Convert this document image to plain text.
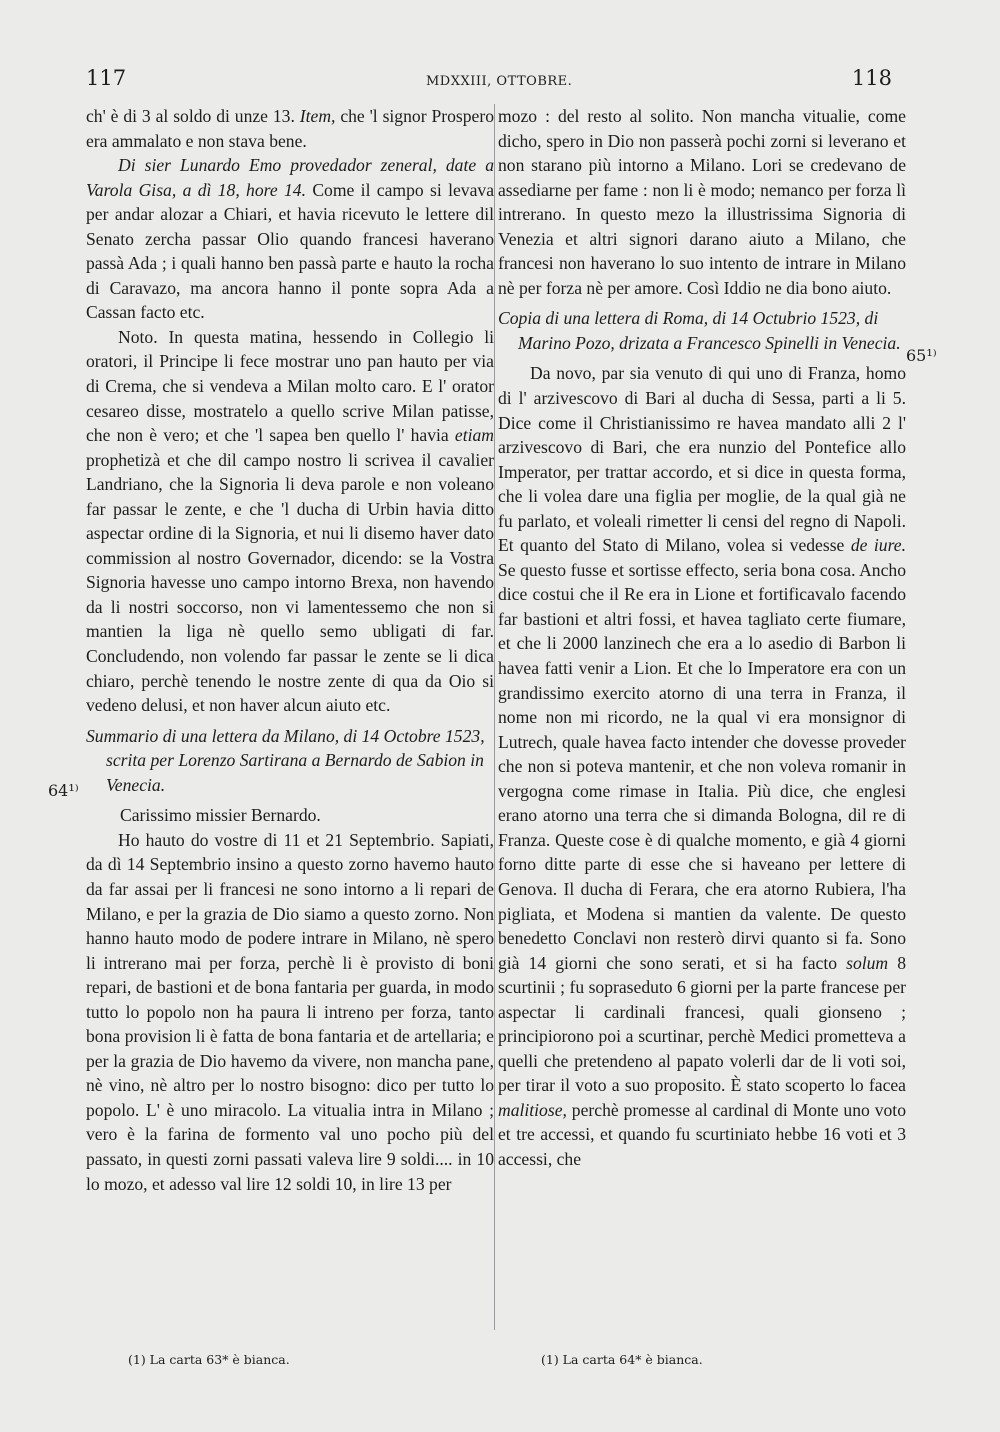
117	MDXXIII, OTTOBRE.	118
64¹⁾
65¹⁾

ch' è di 3 al soldo di unze 13. Item, che 'l signor Prospero era ammalato e non stava bene.

Di sier Lunardo Emo provedador zeneral, date a Varola Gisa, a dì 18, hore 14. Come il campo si levava per andar alozar a Chiari, et havia ricevuto le lettere dil Senato zercha passar Olio quando francesi haverano passà Ada ; i quali hanno ben passà parte e hauto la rocha di Caravazo, ma ancora hanno il ponte sopra Ada a Cassan facto etc.

Noto. In questa matina, hessendo in Collegio li oratori, il Principe li fece mostrar uno pan hauto per via di Crema, che si vendeva a Milan molto caro. E l' orator cesareo disse, mostratelo a quello scrive Milan patisse, che non è vero; et che 'l sapea ben quello l' havia etiam prophetizà et che dil campo nostro li scrivea il cavalier Landriano, che la Signoria li deva parole e non voleano far passar le zente, e che 'l ducha di Urbin havia ditto aspectar ordine di la Signoria, et nui li disemo haver dato commission al nostro Governador, dicendo: se la Vostra Signoria havesse uno campo intorno Brexa, non havendo da li nostri soccorso, non vi lamentessemo che non si mantien la liga nè quello semo ubligati di far. Concludendo, non volendo far passar le zente se li dica chiaro, perchè tenendo le nostre zente di qua da Oio si vedeno delusi, et non haver alcun aiuto etc.

Summario di una lettera da Milano, di 14 Octobre 1523, scrita per Lorenzo Sartirana a Bernardo de Sabion in Venecia.

Carissimo missier Bernardo.

Ho hauto do vostre di 11 et 21 Septembrio. Sapiati, da dì 14 Septembrio insino a questo zorno havemo hauto da far assai per li francesi ne sono intorno a li repari de Milano, e per la grazia de Dio siamo a questo zorno. Non hanno hauto modo de podere intrare in Milano, nè spero li intrerano mai per forza, perchè li è provisto di boni repari, de bastioni et de bona fantaria per guarda, in modo tutto lo popolo non ha paura li intreno per forza, tanto bona provision li è fatta de bona fantaria et de artellaria; e per la grazia de Dio havemo da vivere, non mancha pane, nè vino, nè altro per lo nostro bisogno: dico per tutto lo popolo. L' è uno miracolo. La vitualia intra in Milano ; vero è la farina de formento val uno pocho più del passato, in questi zorni passati valeva lire 9 soldi.... in 10 lo mozo, et adesso val lire 12 soldi 10, in lire 13 per

mozo : del resto al solito. Non mancha vitualie, come dicho, spero in Dio non passerà pochi zorni si leverano et non starano più intorno a Milano. Lori se credevano de assediarne per fame : non li è modo; nemanco per forza lì intrerano. In questo mezo la illustrissima Signoria di Venezia et altri signori darano aiuto a Milano, che francesi non haverano lo suo intento de intrare in Milano nè per forza nè per amore. Così Iddio ne dia bono aiuto.

Copia di una lettera di Roma, di 14 Octubrio 1523, di Marino Pozo, drizata a Francesco Spinelli in Venecia.

Da novo, par sia venuto di qui uno di Franza, homo di l' arzivescovo di Bari al ducha di Sessa, parti a li 5. Dice come il Christianissimo re havea mandato alli 2 l' arzivescovo di Bari, che era nunzio del Pontefice allo Imperator, per trattar accordo, et si dice in questa forma, che li volea dare una figlia per moglie, de la qual già ne fu parlato, et voleali rimetter li censi del regno di Napoli. Et quanto del Stato di Milano, volea si vedesse de iure. Se questo fusse et sortisse effecto, seria bona cosa. Ancho dice costui che il Re era in Lione et fortificavalo facendo far bastioni et altri fossi, et havea tagliato certe fiumare, et che li 2000 lanzinech che era a lo asedio di Barbon li havea fatti venir a Lion. Et che lo Imperatore era con un grandissimo exercito atorno di una terra in Franza, il nome non mi ricordo, ne la qual vi era monsignor di Lutrech, quale havea facto intender che dovesse proveder che non si poteva mantenir, et che non voleva romanir in vergogna come rimase in Italia. Più dice, che englesi erano atorno una terra che si dimanda Bologna, dil re di Franza. Queste cose è di qualche momento, e già 4 giorni forno ditte parte di esse che si haveano per lettere di Genova. Il ducha di Ferara, che era atorno Rubiera, l'ha pigliata, et Modena si mantien da valente. De questo benedetto Conclavi non resterò dirvi quanto si fa. Sono già 14 giorni che sono serati, et si ha facto solum 8 scurtinii ; fu sopraseduto 6 giorni per la parte francese per aspectar li cardinali francesi, quali gionseno ; principiorono poi a scurtinar, perchè Medici prometteva a quelli che pretendeno al papato volerli dar de li voti soi, per tirar il voto a suo proposito. È stato scoperto lo facea malitiose, perchè promesse al cardinal di Monte uno voto et tre accessi, et quando fu scurtiniato hebbe 16 voti et 3 accessi, che

(1) La carta 63* è bianca.	(1) La carta 64* è bianca.
